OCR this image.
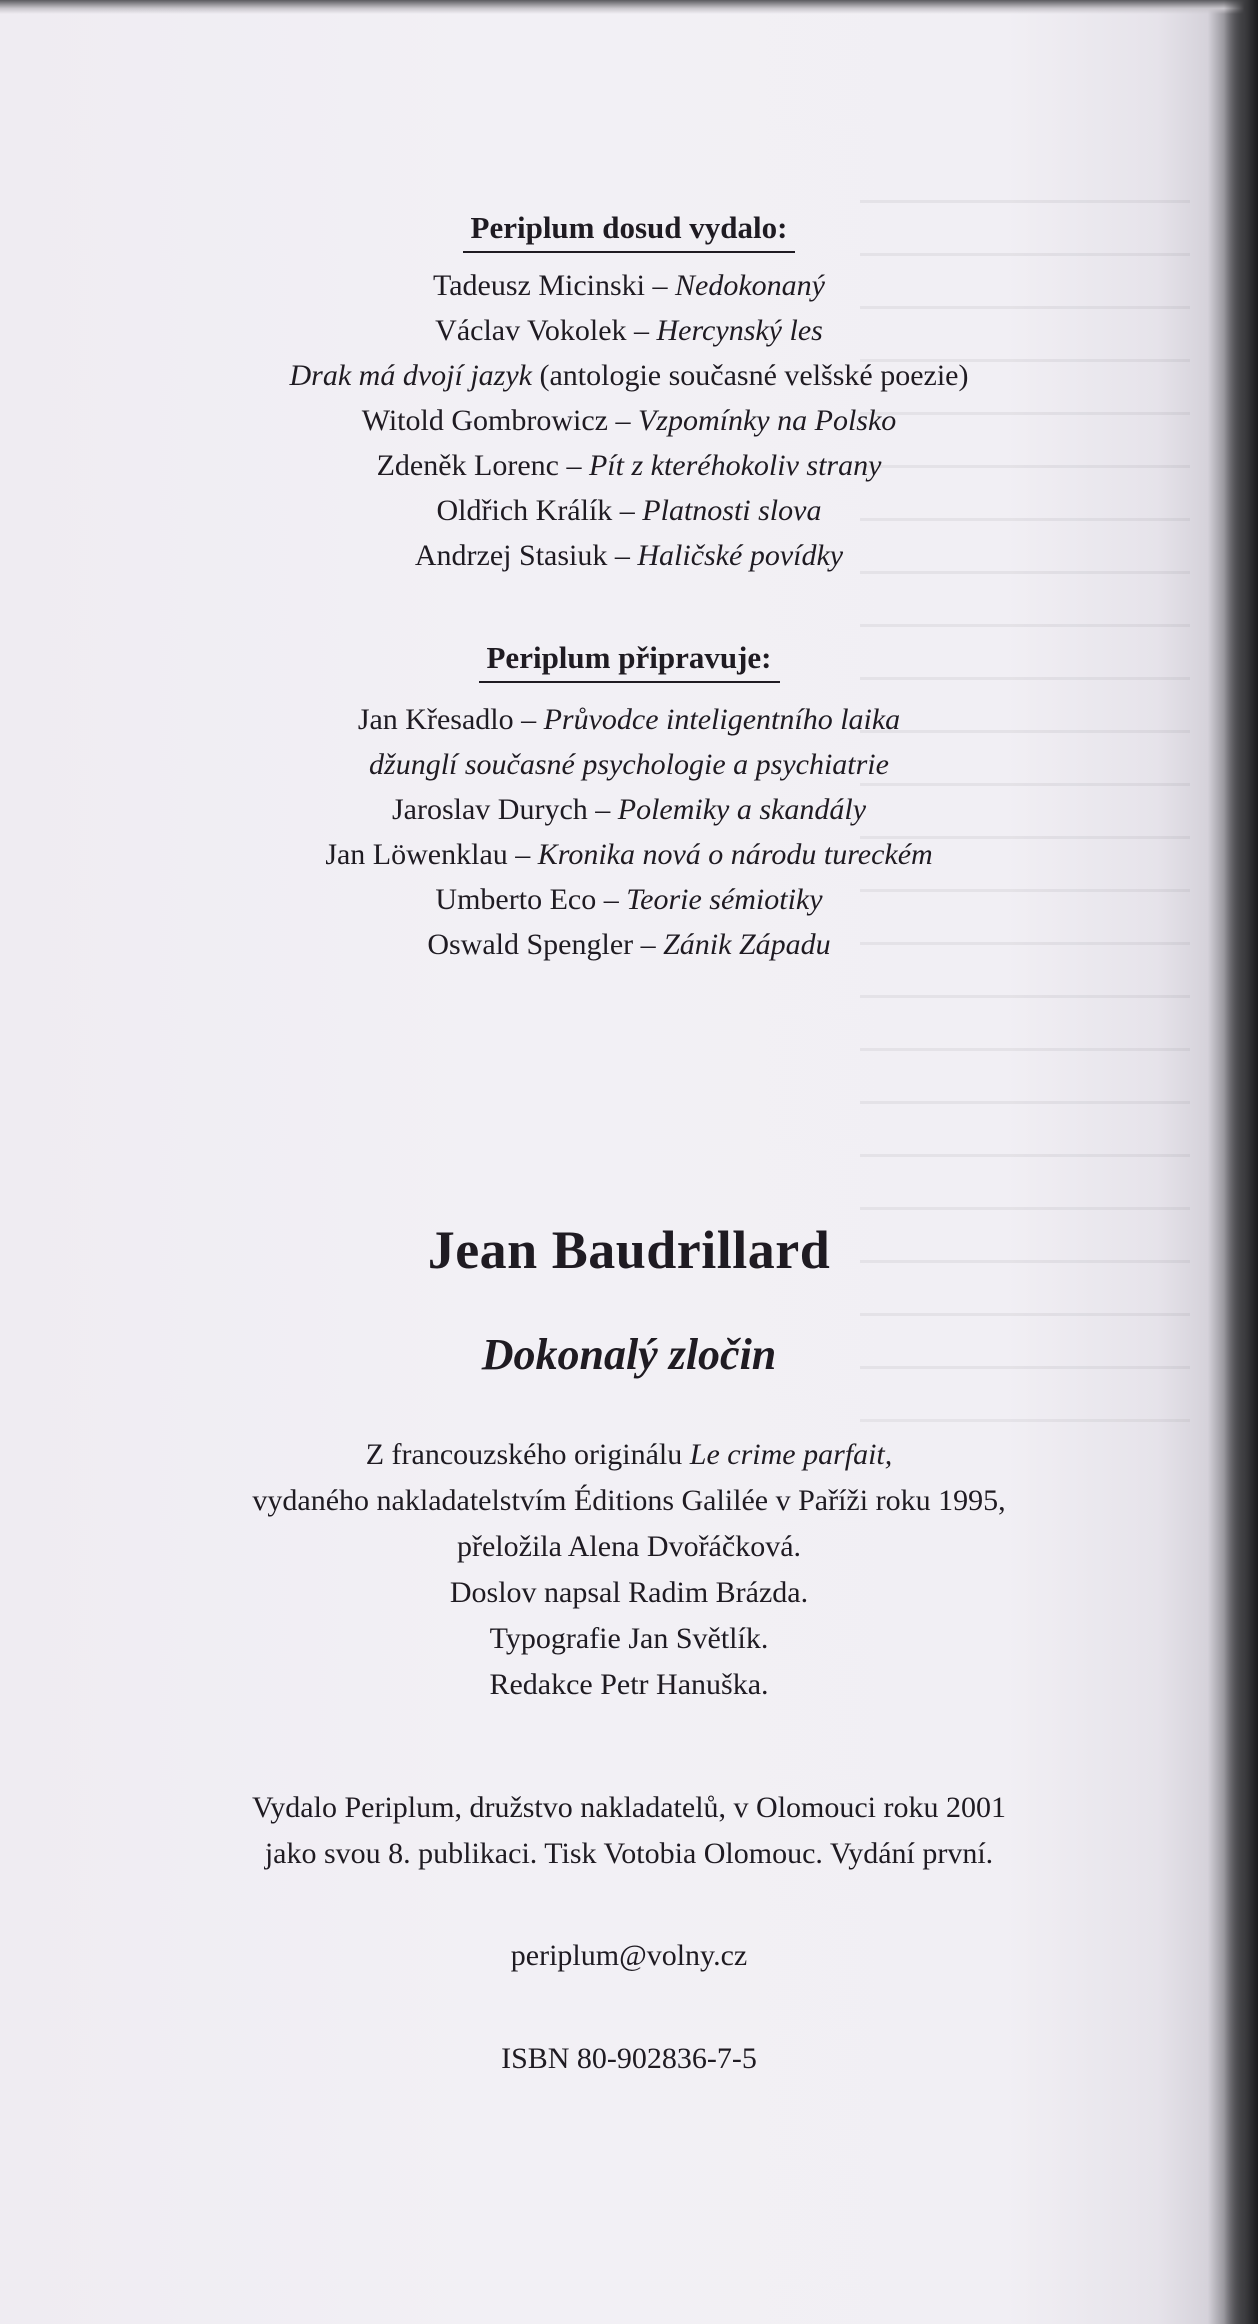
Periplum dosud vydalo:
Tadeusz Micinski – Nedokonaný
Václav Vokolek – Hercynský les
Drak má dvojí jazyk (antologie současné velšské poezie)
Witold Gombrowicz – Vzpomínky na Polsko
Zdeněk Lorenc – Pít z kteréhokoliv strany
Oldřich Králík – Platnosti slova
Andrzej Stasiuk – Haličské povídky
Periplum připravuje:
Jan Křesadlo – Průvodce inteligentního laika
džunglí současné psychologie a psychiatrie
Jaroslav Durych – Polemiky a skandály
Jan Löwenklau – Kronika nová o národu tureckém
Umberto Eco – Teorie sémiotiky
Oswald Spengler – Zánik Západu
Jean Baudrillard
Dokonalý zločin
Z francouzského originálu Le crime parfait,
vydaného nakladatelstvím Éditions Galilée v Paříži roku 1995,
přeložila Alena Dvořáčková.
Doslov napsal Radim Brázda.
Typografie Jan Světlík.
Redakce Petr Hanuška.
Vydalo Periplum, družstvo nakladatelů, v Olomouci roku 2001
jako svou 8. publikaci. Tisk Votobia Olomouc. Vydání první.
periplum@volny.cz
ISBN 80-902836-7-5
